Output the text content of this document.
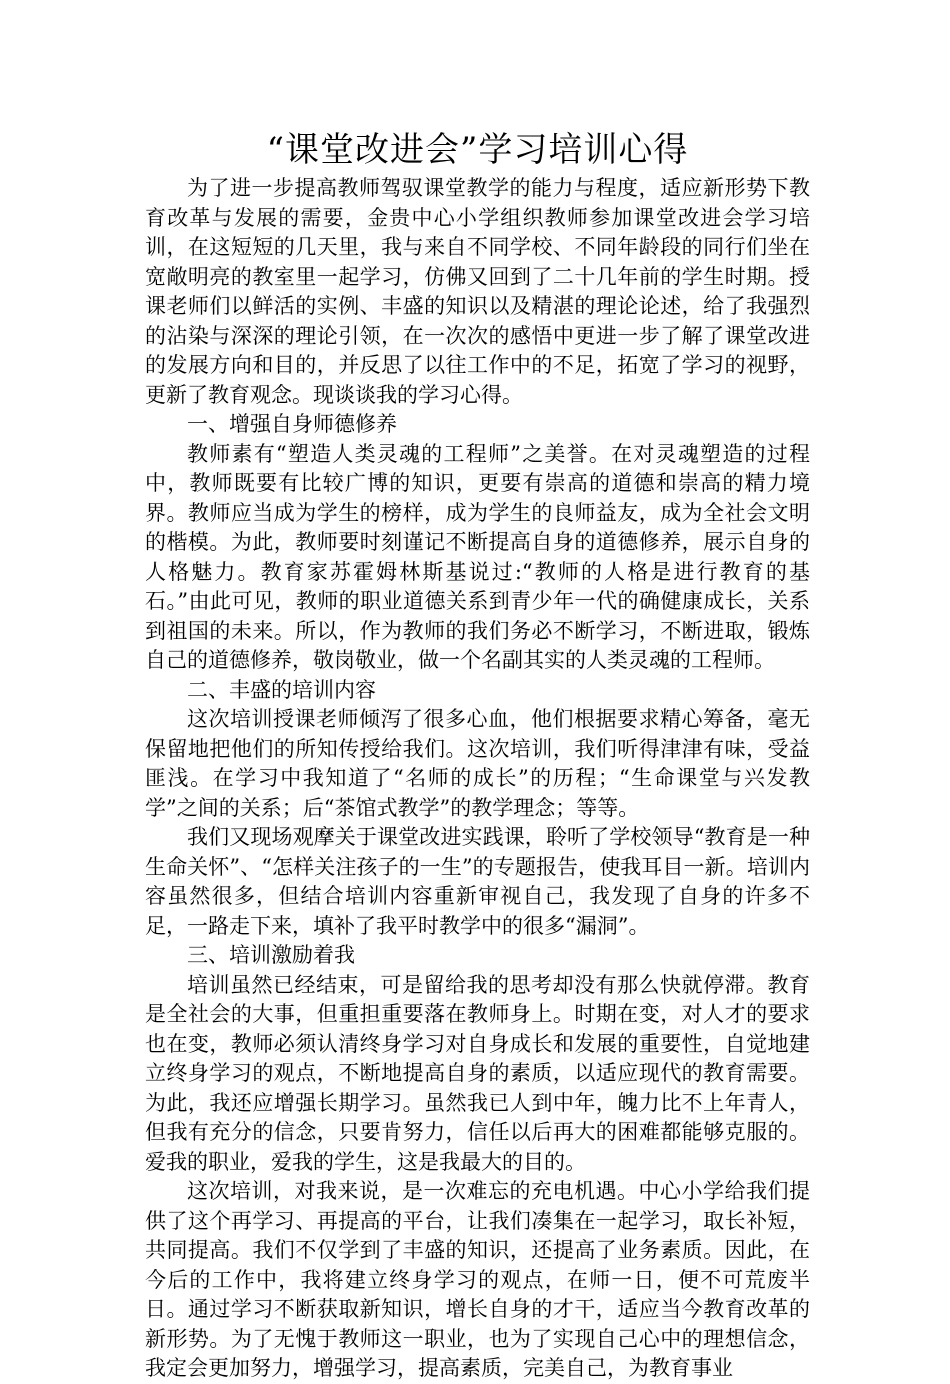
“课堂改进会”学习培训心得

为了进一步提高教师驾驭课堂教学的能力与程度，适应新形势下教育改革与发展的需要，金贵中心小学组织教师参加课堂改进会学习培训，在这短短的几天里，我与来自不同学校、不同年龄段的同行们坐在宽敞明亮的教室里一起学习，仿佛又回到了二十几年前的学生时期。授课老师们以鲜活的实例、丰盛的知识以及精湛的理论论述，给了我强烈的沾染与深深的理论引领，在一次次的感悟中更进一步了解了课堂改进的发展方向和目的，并反思了以往工作中的不足，拓宽了学习的视野，更新了教育观念。现谈谈我的学习心得。

一、增强自身师德修养

教师素有“塑造人类灵魂的工程师”之美誉。在对灵魂塑造的过程中，教师既要有比较广博的知识，更要有崇高的道德和崇高的精力境界。教师应当成为学生的榜样，成为学生的良师益友，成为全社会文明的楷模。为此，教师要时刻谨记不断提高自身的道德修养，展示自身的人格魅力。教育家苏霍姆林斯基说过:“教师的人格是进行教育的基石。”由此可见，教师的职业道德关系到青少年一代的确健康成长，关系到祖国的未来。所以，作为教师的我们务必不断学习，不断进取，锻炼自己的道德修养，敬岗敬业，做一个名副其实的人类灵魂的工程师。

二、丰盛的培训内容

这次培训授课老师倾泻了很多心血，他们根据要求精心筹备，毫无保留地把他们的所知传授给我们。这次培训，我们听得津津有味，受益匪浅。在学习中我知道了“名师的成长”的历程；“生命课堂与兴发教学”之间的关系；后“茶馆式教学”的教学理念；等等。

我们又现场观摩关于课堂改进实践课，聆听了学校领导“教育是一种生命关怀”、“怎样关注孩子的一生”的专题报告，使我耳目一新。培训内容虽然很多，但结合培训内容重新审视自己，我发现了自身的许多不足，一路走下来，填补了我平时教学中的很多“漏洞”。

三、培训激励着我

培训虽然已经结束，可是留给我的思考却没有那么快就停滞。教育是全社会的大事，但重担重要落在教师身上。时期在变，对人才的要求也在变，教师必须认清终身学习对自身成长和发展的重要性，自觉地建立终身学习的观点，不断地提高自身的素质，以适应现代的教育需要。为此，我还应增强长期学习。虽然我已人到中年，魄力比不上年青人，但我有充分的信念，只要肯努力，信任以后再大的困难都能够克服的。爱我的职业，爱我的学生，这是我最大的目的。

这次培训，对我来说，是一次难忘的充电机遇。中心小学给我们提供了这个再学习、再提高的平台，让我们凑集在一起学习，取长补短，共同提高。我们不仅学到了丰盛的知识，还提高了业务素质。因此，在今后的工作中，我将建立终身学习的观点，在师一日，便不可荒废半日。通过学习不断获取新知识，增长自身的才干，适应当今教育改革的新形势。为了无愧于教师这一职业，也为了实现自己心中的理想信念，我定会更加努力，增强学习，提高素质，完美自己，为教育事业
